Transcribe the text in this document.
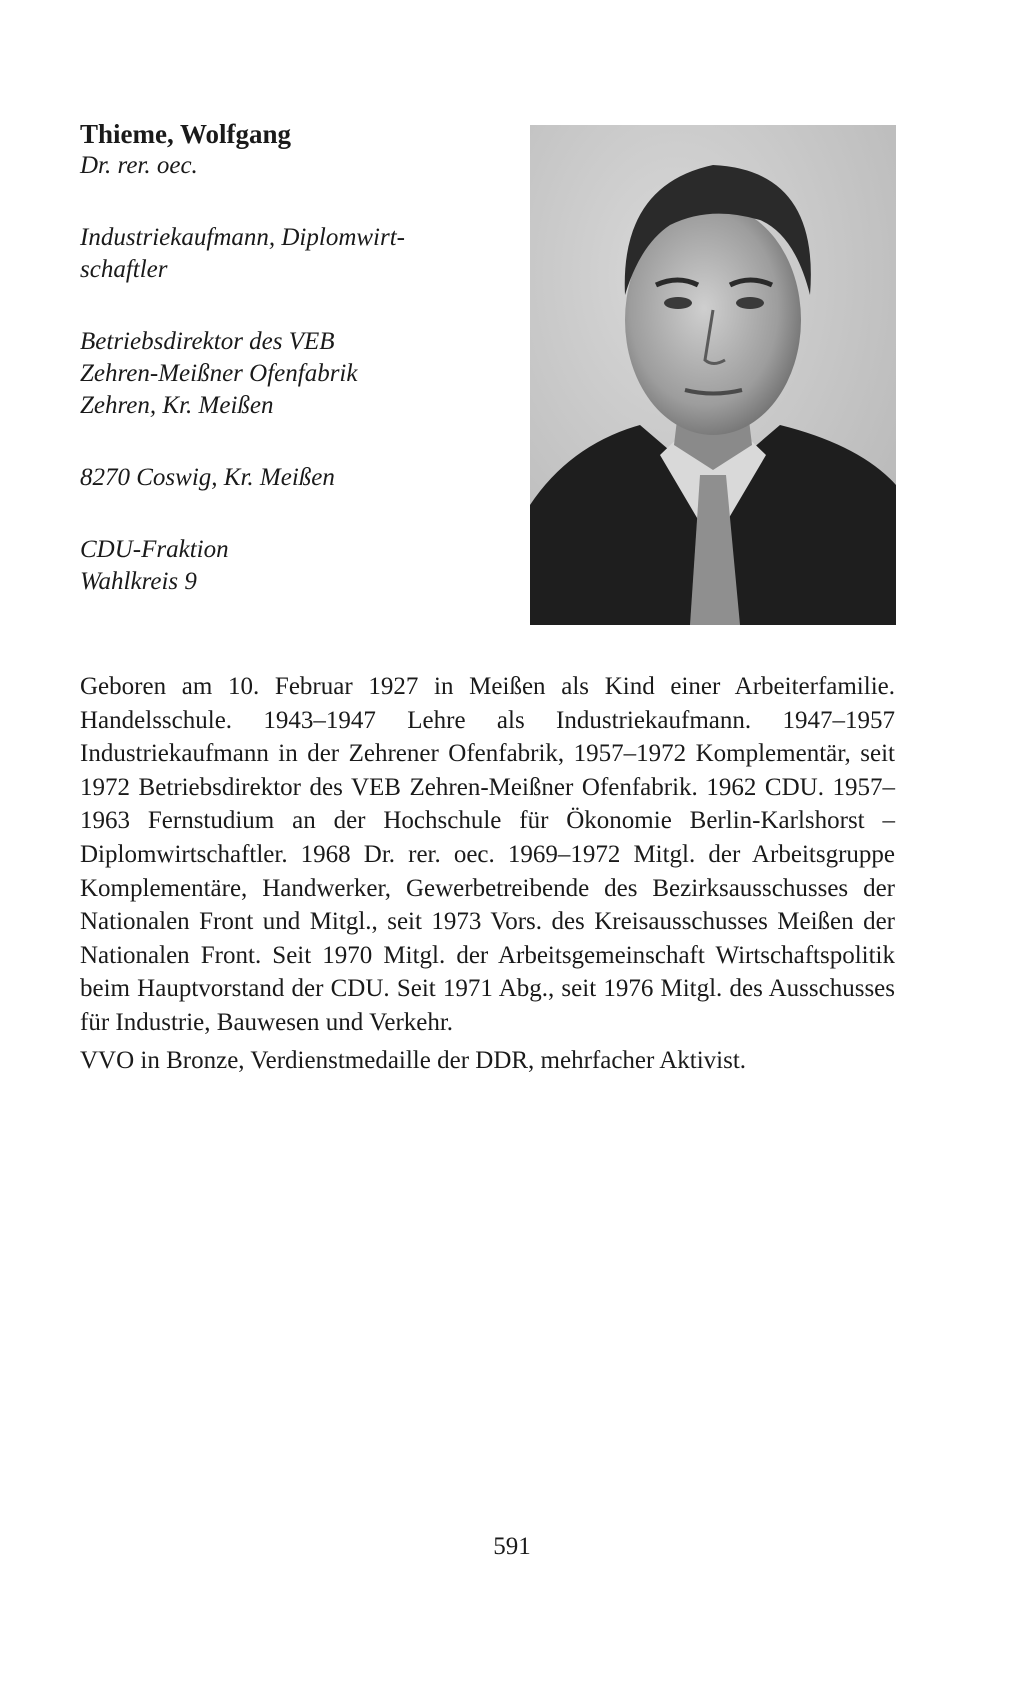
Thieme, Wolfgang

Dr. rer. oec.

Industriekaufmann, Diplomwirt-

schaftler

Betriebsdirektor des VEB

Zehren-Meißner Ofenfabrik

Zehren, Kr. Meißen

8270 Coswig, Kr. Meißen

CDU-Fraktion

Wahlkreis 9

Geboren am 10. Februar 1927 in Meißen als Kind einer Arbeiterfamilie. Handelsschule. 1943–1947 Lehre als Industriekaufmann. 1947–1957 Industriekaufmann in der Zehrener Ofenfabrik, 1957–1972 Komplementär, seit 1972 Betriebsdirektor des VEB Zehren-Meißner Ofenfabrik. 1962 CDU. 1957–1963 Fernstudium an der Hochschule für Ökonomie Berlin-Karlshorst – Diplomwirtschaftler. 1968 Dr. rer. oec. 1969–1972 Mitgl. der Arbeitsgruppe Komplementäre, Handwerker, Gewerbetreibende des Bezirksausschusses der Nationalen Front und Mitgl., seit 1973 Vors. des Kreisausschusses Meißen der Nationalen Front. Seit 1970 Mitgl. der Arbeitsgemeinschaft Wirtschaftspolitik beim Hauptvorstand der CDU. Seit 1971 Abg., seit 1976 Mitgl. des Ausschusses für Industrie, Bauwesen und Verkehr.

VVO in Bronze, Verdienstmedaille der DDR, mehrfacher Aktivist.

591
